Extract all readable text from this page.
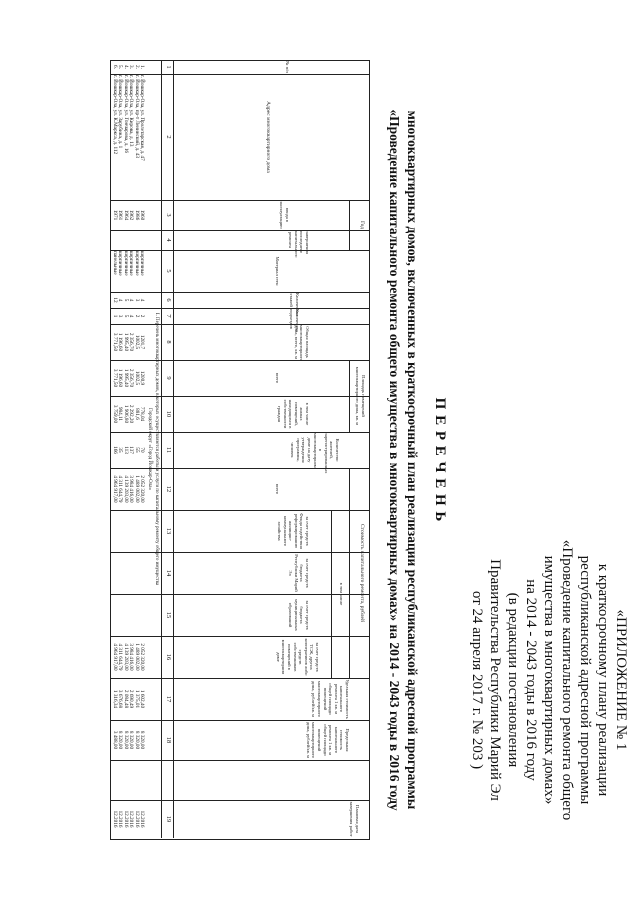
«ПРИЛОЖЕНИЕ № 1
к краткосрочному плану реализации
республиканской адресной программы
«Проведение капитального ремонта общего
имущества в многоквартирных домах»
на 2014 - 2043 годы в 2016 году
(в редакции постановления
Правительства Республики Марий Эл
от 24 апреля 2017 г. № 203 )
П Е Р Е Ч Е Н Ь
многоквартирных домов, включенных в краткосрочный план реализации республиканской адресной программы
«Проведение капитального ремонта общего имущества в многоквартирных домах» на 2014 - 2043 годы в 2016 году
№ п/п
Адрес многоквартирного дома
Год
ввода в эксплуатацию
завершения последнего капитального ремонта
Материал стен
Количество этажей
Количество подъездов
Общая площадь многоквартирного дома, всего, кв. м
Площадь помещений многоквартирного дома, кв. м
всего
в том числе жилых помещений, находящихся в собственности граждан
Количество жителей, зарегистрированных в многоквартирном доме на дату утверждения программы, человек
Стоимость капитального ремонта, рублей
всего
в том числе
за счет средств Фонда содействия реформированию жилищно-коммунального хозяйства
за счет средств бюджета Республики Марий Эл
за счет средств бюджета муниципальных образований
за счет средств ТСЖ, других кооперативов либо средств собственников помещений в многоквартирном доме
Удельная стоимость капитального ремонта 1 кв. м общей площади помещений многоквартирного дома, рублей/кв. м
Предельная стоимость капитального ремонта 1 кв. м общей площади помещений многоквартирного дома, рублей/кв. м
Плановая дата завершения работ
1
2
3
4
5
6
7
8
9
10
11
12
13
14
15
16
17
18
19
I. Перечень многоквартирных домов, в которых осуществляются работы и услуги по капитальному ремонту общего имущества
Городской округ «Город Йошкар-Ола»
1.
г. Йошкар-Ола, ул. Пролетарская, д. 47
1960
кирпичные
4
2
1201,7
1200,9
778,04
70
2 052 320,00
2 052 320,00
1 602,40
8 320,00
12.2016
2.
г. Йошкар-Ола, пр-т Ленинский, д. 43
1986
кирпичные
3
2
1002,5
1002,5
881,6
55
1 489 002,00
1 489 002,00
1 375,01
8 320,00
12.2016
3.
г. Йошкар-Ола, ул. Кирова, д. 13
1962
кирпичные
4
4
2 356,70
2 356,70
2 292,20
137
3 984 416,00
3 984 416,00
2 690,49
8 320,00
12.2016
4.
г. Йошкар-Ола, ул. Гончарова, д. 16
1964
кирпичные
5
5
1 995,40
1 995,40
1 906,80
113
4 139 203,00
4 139 203,00
2 084,48
8 320,00
12.2016
5.
г. Йошкар-Ола, ул. Зарубина, д. 1
1961
кирпичные
4
3
1 196,60
1 196,60
984,11
35
4 311 644,79
4 311 644,79
3 676,68
8 320,00
12.2016
6.
г. Йошкар-Ола, ул. К.Маркса, д. 112
1971
панельные
12
1
3 771,50
3 771,50
3 759,00
166
4 964 917,00
4 964 917,00
1 316,34
3 488,00
12.2016
